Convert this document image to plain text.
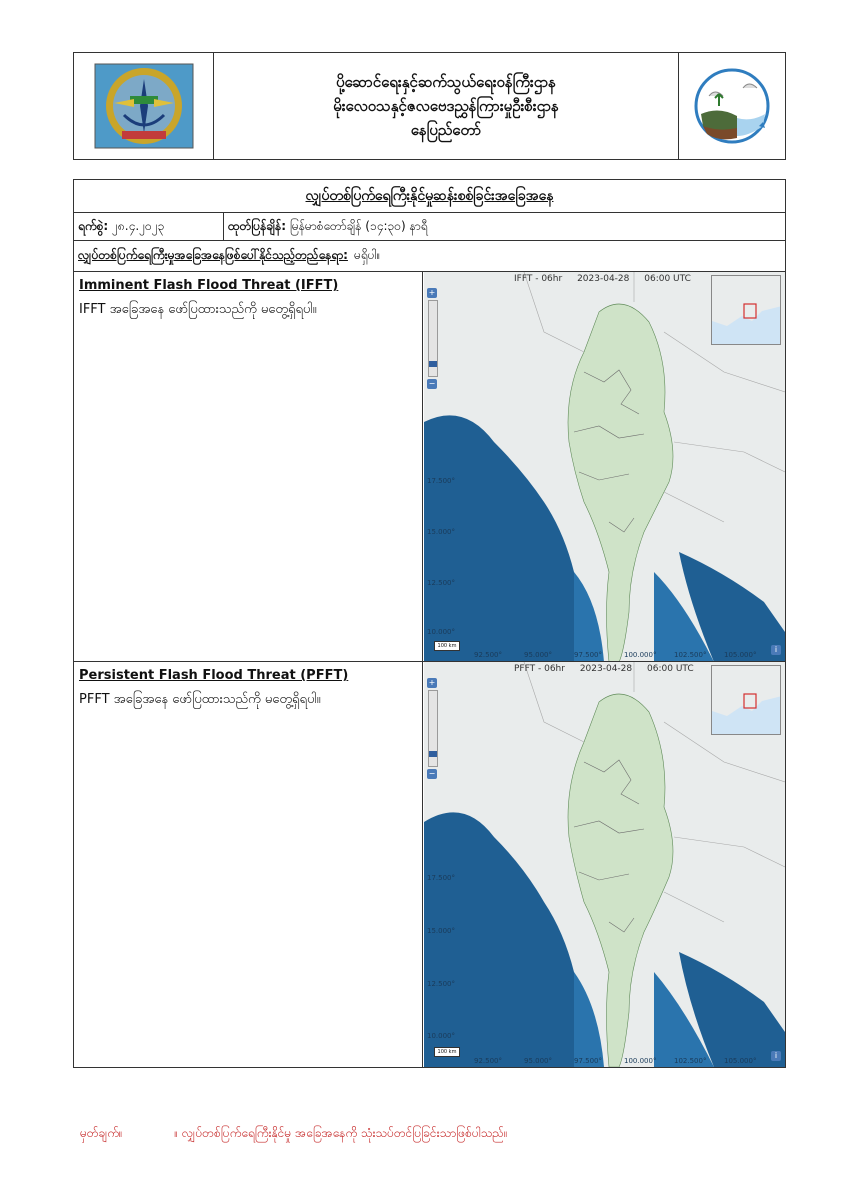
ပို့ဆောင်ရေးနှင့်ဆက်သွယ်ရေးဝန်ကြီးဌာန
မိုးလေဝသနှင့်ဇလဗေဒညွှန်ကြားမှုဦးစီးဌာန
နေပြည်တော်
လျှပ်တစ်ပြက်ရေကြီးနိုင်မှုဆန်းစစ်ခြင်းအခြေအနေ
ရက်စွဲ:
၂၈.၄.၂၀၂၃	ထုတ်ပြန်ချိန်:
မြန်မာစံတော်ချိန် (၁၄:၃၀) နာရီ
လျှပ်တစ်ပြက်ရေကြီးမှုအခြေအနေဖြစ်ပေါ်နိုင်သည့်တည်နေရာ: မရှိပါ။
Imminent Flash Flood Threat (IFFT)
IFFT အခြေအနေ ဖော်ပြထားသည်ကို မတွေ့ရှိရပါ။
IFFT - 06hr 2023-04-28 06:00 UTC
+
−
17.500°
15.000°
12.500°
10.000°
92.500°	95.000°	97.500°	100.000°	102.500°	105.000°
100 km	i
Persistent Flash Flood Threat (PFFT)
PFFT အခြေအနေ ဖော်ပြထားသည်ကို မတွေ့ရှိရပါ။
PFFT - 06hr 2023-04-28 06:00 UTC
+
−
17.500°
15.000°
12.500°
10.000°
92.500°	95.000°	97.500°	100.000°	102.500°	105.000°
100 km	i
မှတ်ချက်။	။ လျှပ်တစ်ပြက်ရေကြီးနိုင်မှု အခြေအနေကို သုံးသပ်တင်ပြခြင်းသာဖြစ်ပါသည်။
